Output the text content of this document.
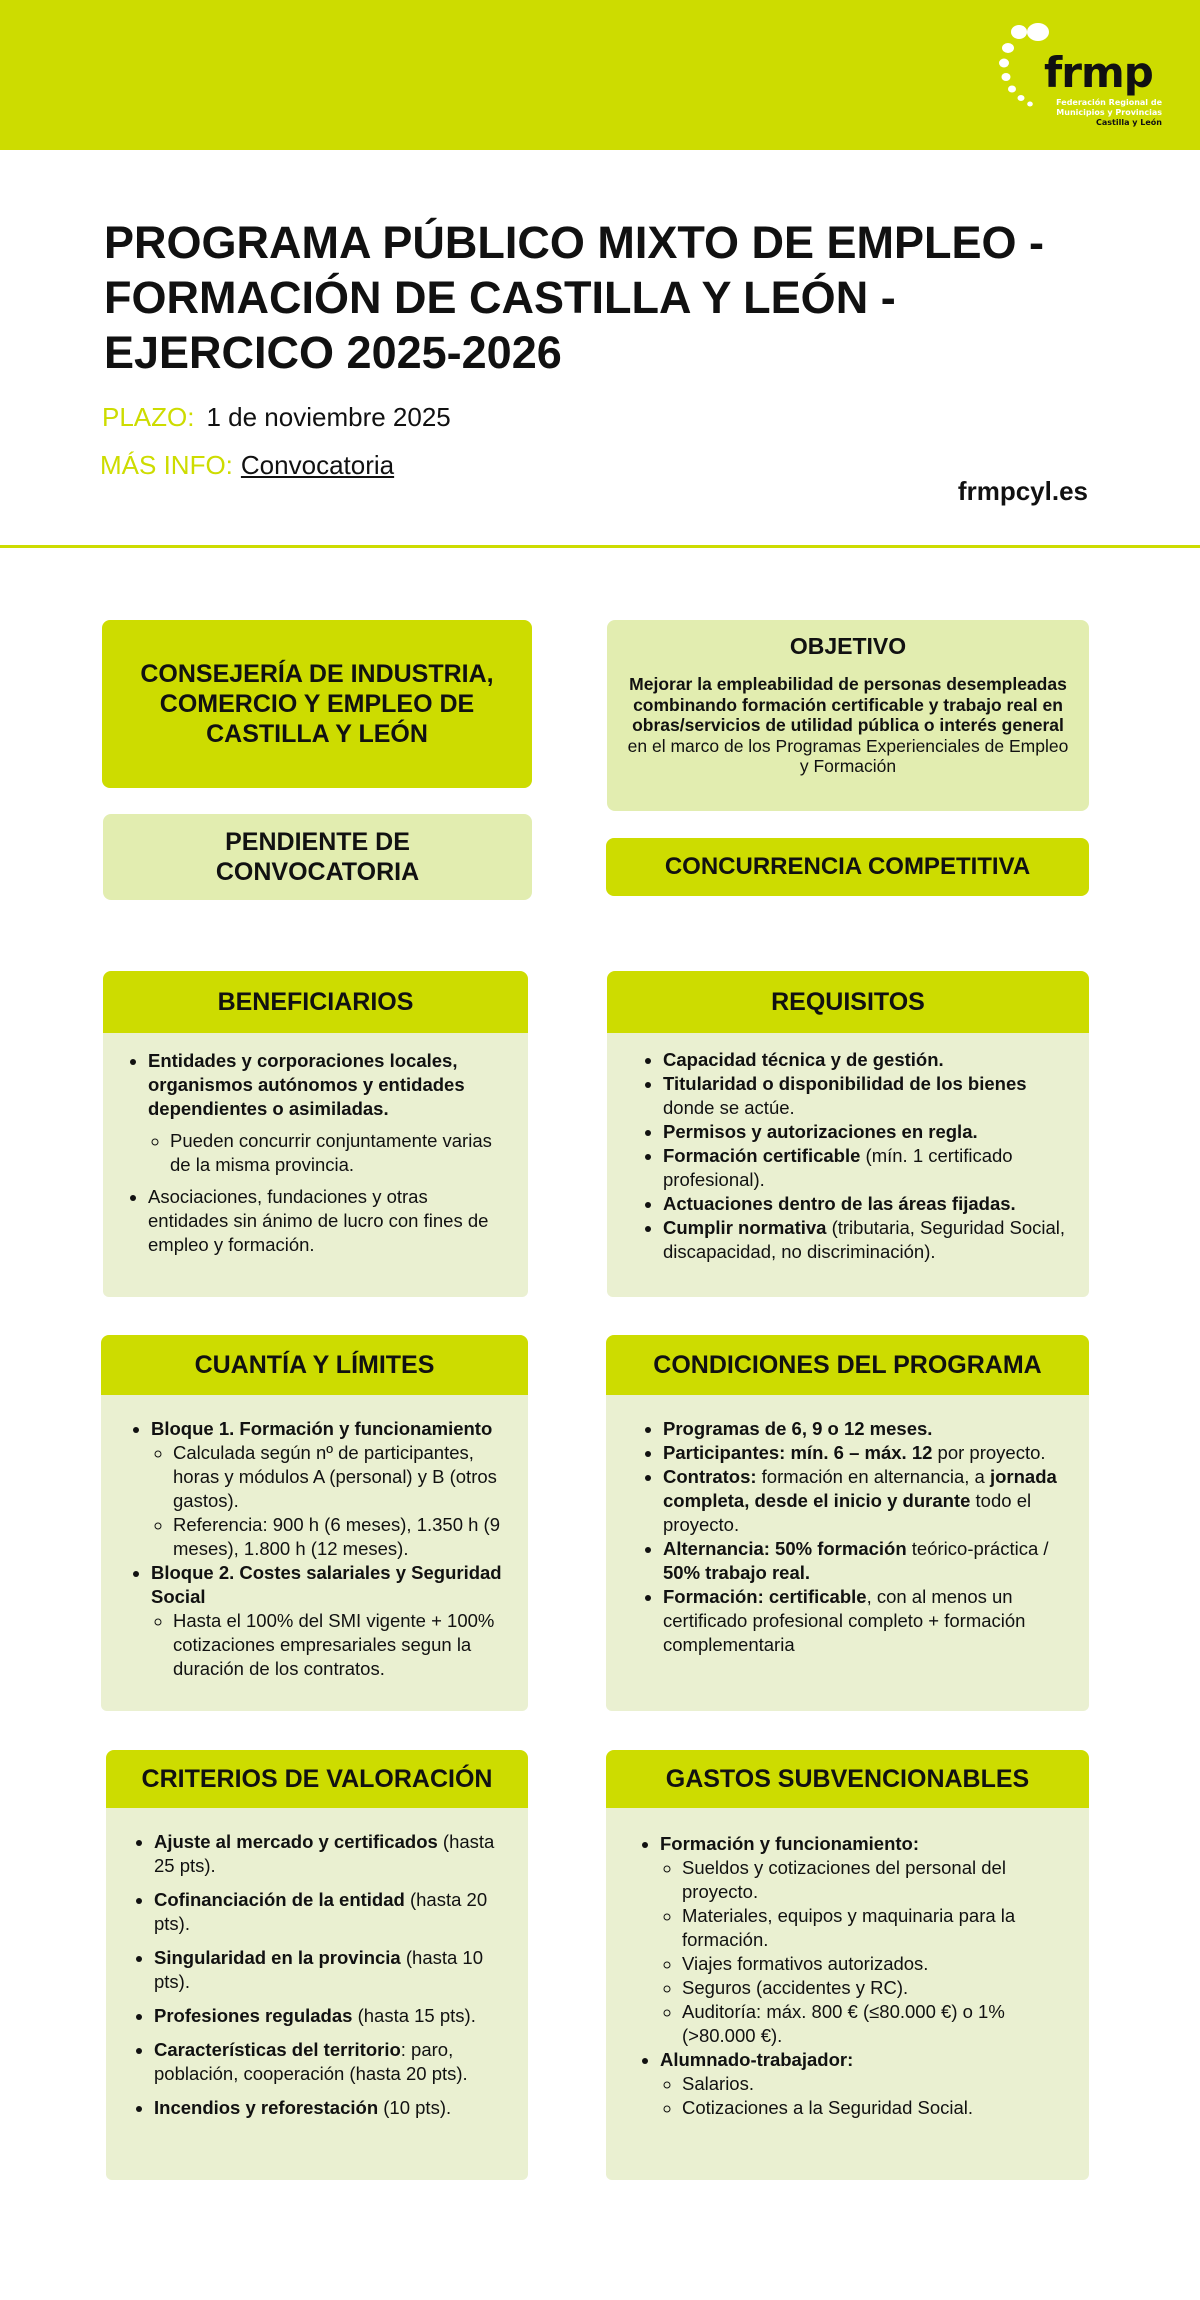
frmp
Federación Regional de
Municipios y Provincias
Castilla y León
PROGRAMA PÚBLICO MIXTO DE EMPLEO - FORMACIÓN DE CASTILLA Y LEÓN - EJERCICO 2025-2026
PLAZO: 1 de noviembre 2025
MÁS INFO: Convocatoria
frmpcyl.es
CONSEJERÍA DE INDUSTRIA, COMERCIO Y EMPLEO DE CASTILLA Y LEÓN
PENDIENTE DE CONVOCATORIA
OBJETIVO
Mejorar la empleabilidad de personas desempleadas combinando formación certificable y trabajo real en obras/servicios de utilidad pública o interés general en el marco de los Programas Experienciales de Empleo y Formación
CONCURRENCIA COMPETITIVA
BENEFICIARIOS
• Entidades y corporaciones locales, organismos autónomos y entidades dependientes o asimiladas.
◦ Pueden concurrir conjuntamente varias de la misma provincia.
• Asociaciones, fundaciones y otras entidades sin ánimo de lucro con fines de empleo y formación.
REQUISITOS
• Capacidad técnica y de gestión.
• Titularidad o disponibilidad de los bienes donde se actúe.
• Permisos y autorizaciones en regla.
• Formación certificable (mín. 1 certificado profesional).
• Actuaciones dentro de las áreas fijadas.
• Cumplir normativa (tributaria, Seguridad Social, discapacidad, no discriminación).
CUANTÍA Y LÍMITES
• Bloque 1. Formación y funcionamiento
◦ Calculada según nº de participantes, horas y módulos A (personal) y B (otros gastos).
◦ Referencia: 900 h (6 meses), 1.350 h (9 meses), 1.800 h (12 meses).
• Bloque 2. Costes salariales y Seguridad Social
◦ Hasta el 100% del SMI vigente + 100% cotizaciones empresariales segun la duración de los contratos.
CONDICIONES DEL PROGRAMA
• Programas de 6, 9 o 12 meses.
• Participantes: mín. 6 – máx. 12 por proyecto.
• Contratos: formación en alternancia, a jornada completa, desde el inicio y durante todo el proyecto.
• Alternancia: 50% formación teórico-práctica / 50% trabajo real.
• Formación: certificable, con al menos un certificado profesional completo + formación complementaria
CRITERIOS DE VALORACIÓN
• Ajuste al mercado y certificados (hasta 25 pts).
• Cofinanciación de la entidad (hasta 20 pts).
• Singularidad en la provincia (hasta 10 pts).
• Profesiones reguladas (hasta 15 pts).
• Características del territorio: paro, población, cooperación (hasta 20 pts).
• Incendios y reforestación (10 pts).
GASTOS SUBVENCIONABLES
• Formación y funcionamiento:
◦ Sueldos y cotizaciones del personal del proyecto.
◦ Materiales, equipos y maquinaria para la formación.
◦ Viajes formativos autorizados.
◦ Seguros (accidentes y RC).
◦ Auditoría: máx. 800 € (≤80.000 €) o 1% (>80.000 €).
• Alumnado-trabajador:
◦ Salarios.
◦ Cotizaciones a la Seguridad Social.
